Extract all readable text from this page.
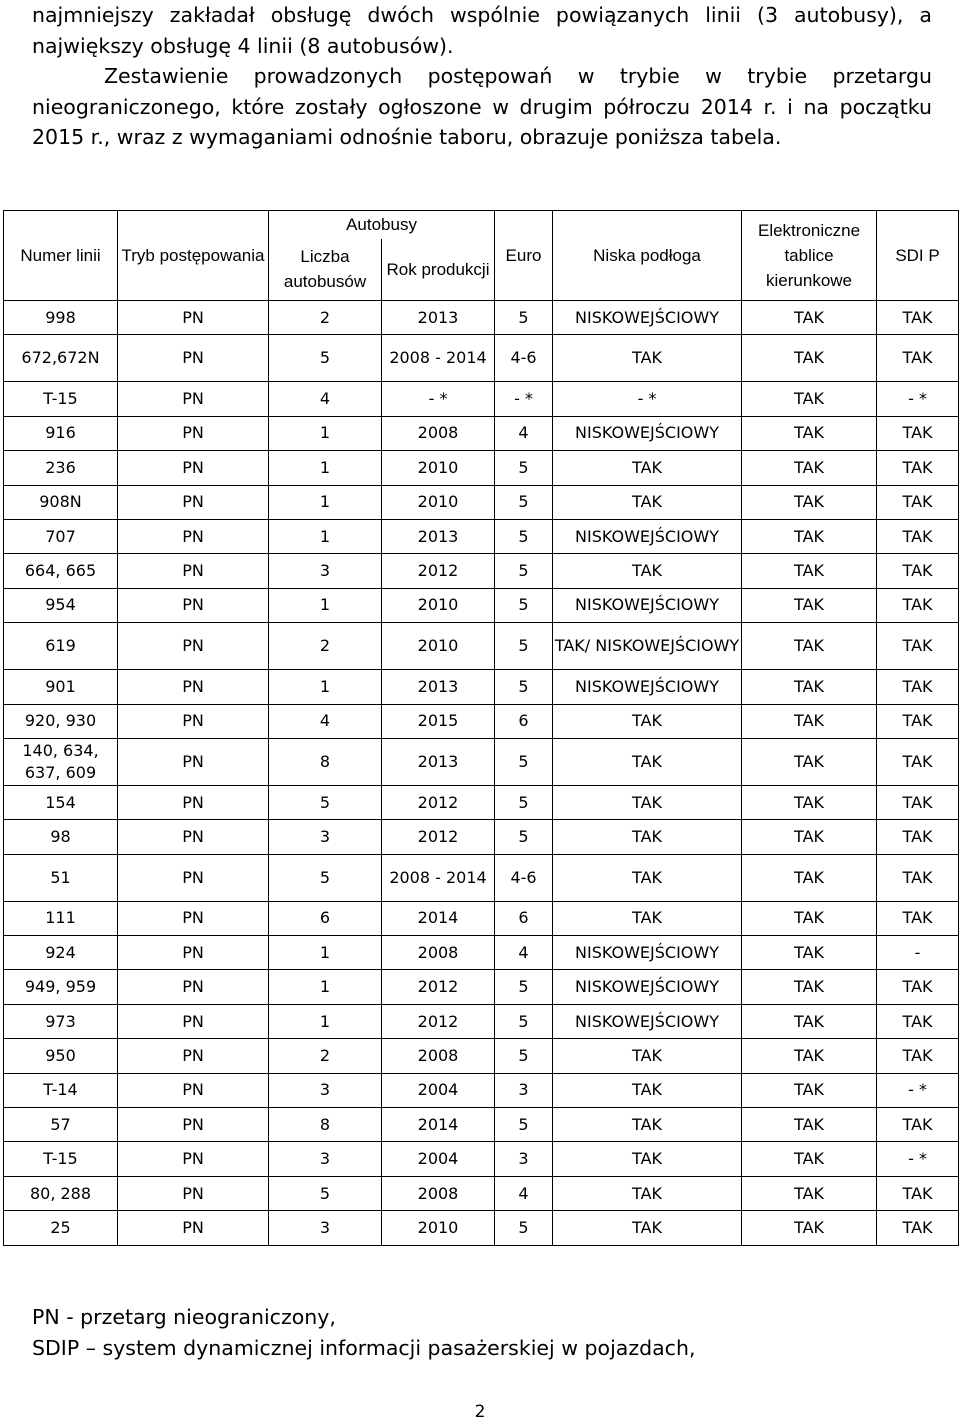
najmniejszy zakładał obsługę dwóch wspólnie powiązanych linii (3 autobusy), a największy obsługę 4 linii (8 autobusów).

Zestawienie prowadzonych postępowań w trybie w trybie przetargu nieograniczonego, które zostały ogłoszone w drugim półroczu 2014 r. i na początku 2015 r., wraz z wymaganiami odnośnie taboru, obrazuje poniższa tabela.

Numer linii	Tryb postępowania	Autobusy		Euro	Niska podłoga	Elektroniczne tablice kierunkowe	SDI P
		Liczba autobusów	Rok produkcji				
998	PN	2	2013	5	NISKOWEJŚCIOWY	TAK	TAK
672,672N	PN	5	2008 - 2014	4-6	TAK	TAK	TAK
T-15	PN	4	- *	- *	- *	TAK	- *
916	PN	1	2008	4	NISKOWEJŚCIOWY	TAK	TAK
236	PN	1	2010	5	TAK	TAK	TAK
908N	PN	1	2010	5	TAK	TAK	TAK
707	PN	1	2013	5	NISKOWEJŚCIOWY	TAK	TAK
664, 665	PN	3	2012	5	TAK	TAK	TAK
954	PN	1	2010	5	NISKOWEJŚCIOWY	TAK	TAK
619	PN	2	2010	5	TAK/ NISKOWEJŚCIOWY	TAK	TAK
901	PN	1	2013	5	NISKOWEJŚCIOWY	TAK	TAK
920, 930	PN	4	2015	6	TAK	TAK	TAK
140, 634, 637, 609	PN	8	2013	5	TAK	TAK	TAK
154	PN	5	2012	5	TAK	TAK	TAK
98	PN	3	2012	5	TAK	TAK	TAK
51	PN	5	2008 - 2014	4-6	TAK	TAK	TAK
111	PN	6	2014	6	TAK	TAK	TAK
924	PN	1	2008	4	NISKOWEJŚCIOWY	TAK	-
949, 959	PN	1	2012	5	NISKOWEJŚCIOWY	TAK	TAK
973	PN	1	2012	5	NISKOWEJŚCIOWY	TAK	TAK
950	PN	2	2008	5	TAK	TAK	TAK
T-14	PN	3	2004	3	TAK	TAK	- *
57	PN	8	2014	5	TAK	TAK	TAK
T-15	PN	3	2004	3	TAK	TAK	- *
80, 288	PN	5	2008	4	TAK	TAK	TAK
25	PN	3	2010	5	TAK	TAK	TAK

PN - przetarg nieograniczony,

SDIP – system dynamicznej informacji pasażerskiej w pojazdach,

2
